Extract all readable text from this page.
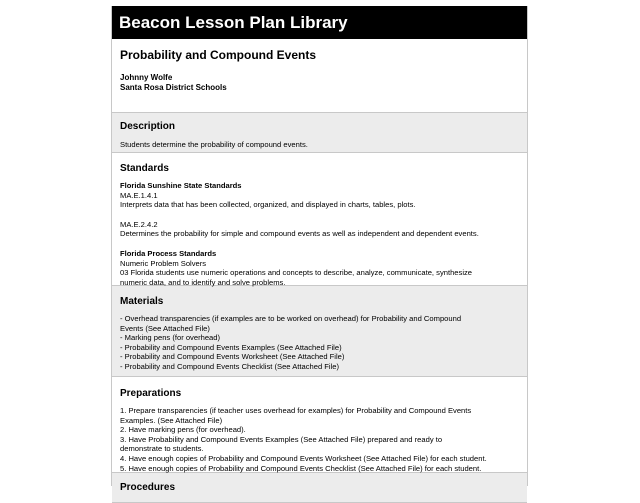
Beacon Lesson Plan Library
Probability and Compound Events
Johnny Wolfe
Santa Rosa District Schools
Description

Students determine the probability of compound events.

Standards
Florida Sunshine State Standards
MA.E.1.4.1
Interprets data that has been collected, organized, and displayed in charts, tables, plots.
MA.E.2.4.2
Determines the probability for simple and compound events as well as independent and dependent events.
Florida Process Standards
Numeric Problem Solvers
03 Florida students use numeric operations and concepts to describe, analyze, communicate, synthesize
numeric data, and to identify and solve problems.
Materials
- Overhead transparencies (if examples are to be worked on overhead) for Probability and Compound
Events (See Attached File)
- Marking pens (for overhead)
- Probability and Compound Events Examples (See Attached File)
- Probability and Compound Events Worksheet (See Attached File)
- Probability and Compound Events Checklist (See Attached File)
Preparations
1. Prepare transparencies (if teacher uses overhead for examples) for Probability and Compound Events
Examples. (See Attached File)
2. Have marking pens (for overhead).
3. Have Probability and Compound Events Examples (See Attached File) prepared and ready to
demonstrate to students.
4. Have enough copies of Probability and Compound Events Worksheet (See Attached File) for each student.
5. Have enough copies of Probability and Compound Events Checklist (See Attached File) for each student.
Procedures
